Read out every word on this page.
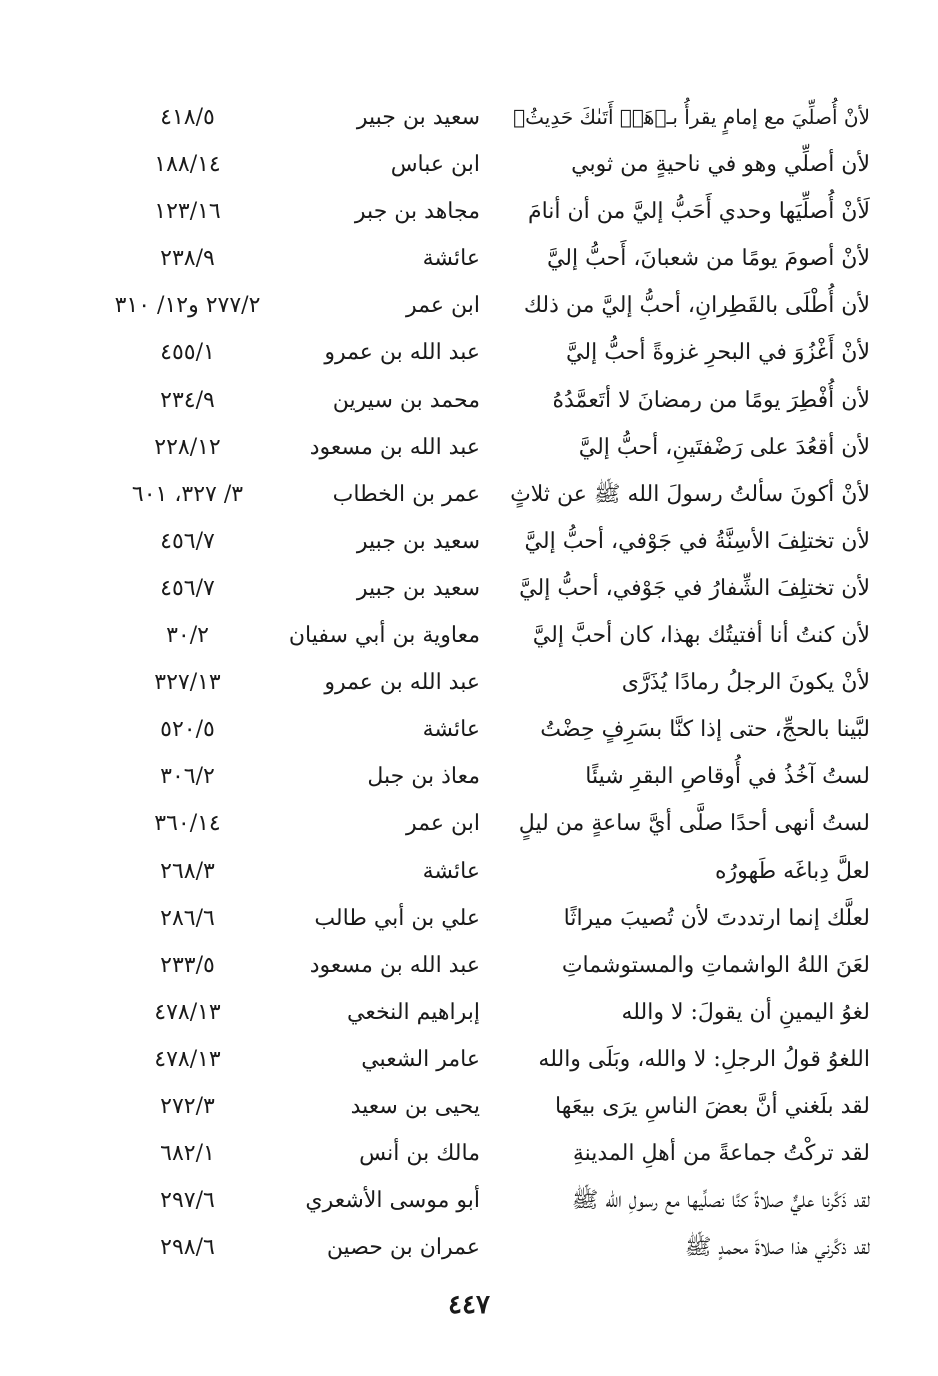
لأنْ أُصلِّيَ مع إمامٍ يقرأُ بـ﴿هَلۡ أَتَىٰكَ حَدِيثُ﴾
سعيد بن جبير
٤١٨/٥
لأن أصلِّي وهو في ناحيةٍ من ثوبي
ابن عباس
١٨٨/١٤
لَأنْ أُصلِّيَها وحدي أَحَبُّ إليَّ من أن أنامَ
مجاهد بن جبر
١٢٣/١٦
لأنْ أصومَ يومًا من شعبانَ، أَحبُّ إليَّ
عائشة
٢٣٨/٩
لأن أُطْلَى بالقَطِرانِ، أحبُّ إليَّ من ذلك
ابن عمر
٢٧٧/٢ و١٢/ ٣١٠
لأنْ أَغْزُوَ في البحرِ غزوةً أحبُّ إليَّ
عبد الله بن عمرو
٤٥٥/١
لأن أُفْطِرَ يومًا من رمضانَ لا أتَعمَّدُهُ
محمد بن سيرين
٢٣٤/٩
لأن أقعُدَ على رَضْفتَينِ، أحبُّ إليَّ
عبد الله بن مسعود
٢٢٨/١٢
لأنْ أكونَ سألتُ رسولَ الله ﷺ عن ثلاثٍ
عمر بن الخطاب
٣/ ٣٢٧، ٦٠١
لأن تختلِفَ الأسِنَّةُ في جَوْفي، أحبُّ إليَّ
سعيد بن جبير
٤٥٦/٧
لأن تختلِفَ الشِّفارُ في جَوْفي، أحبُّ إليَّ
سعيد بن جبير
٤٥٦/٧
لأن كنتُ أنا أفتيتُك بهذا، كان أحبَّ إليَّ
معاوية بن أبي سفيان
٣٠/٢
لأنْ يكونَ الرجلُ رمادًا يُذَرَّى
عبد الله بن عمرو
٣٢٧/١٣
لبَّينا بالحجِّ، حتى إذا كنَّا بسَرِفٍ حِضْتُ
عائشة
٥٢٠/٥
لستُ آخُذُ في أُوقاصِ البقرِ شيئًا
معاذ بن جبل
٣٠٦/٢
لستُ أنهى أحدًا صلَّى أيَّ ساعةٍ من ليلٍ
ابن عمر
٣٦٠/١٤
لعلَّ دِباغَه طَهورُه
عائشة
٢٦٨/٣
لعلَّك إنما ارتددتَ لأن تُصيبَ ميراثًا
علي بن أبي طالب
٢٨٦/٦
لعَنَ اللهُ الواشماتِ والمستوشماتِ
عبد الله بن مسعود
٢٣٣/٥
لغوُ اليمينِ أن يقولَ: لا والله
إبراهيم النخعي
٤٧٨/١٣
اللغوُ قولُ الرجلِ: لا والله، وبَلَى والله
عامر الشعبي
٤٧٨/١٣
لقد بلَغني أنَّ بعضَ الناسِ يرَى بيعَها
يحيى بن سعيد
٢٧٢/٣
لقد تركْتُ جماعةً من أهلِ المدينةِ
مالك بن أنس
٦٨٢/١
لقد ذَكَّرنا عليٌّ صلاةً كنَّا نصلِّيها مع رسولِ الله ﷺ
أبو موسى الأشعري
٢٩٧/٦
لقد ذكَّرني هذا صلاةَ محمدٍ ﷺ
عمران بن حصين
٢٩٨/٦
٤٤٧
